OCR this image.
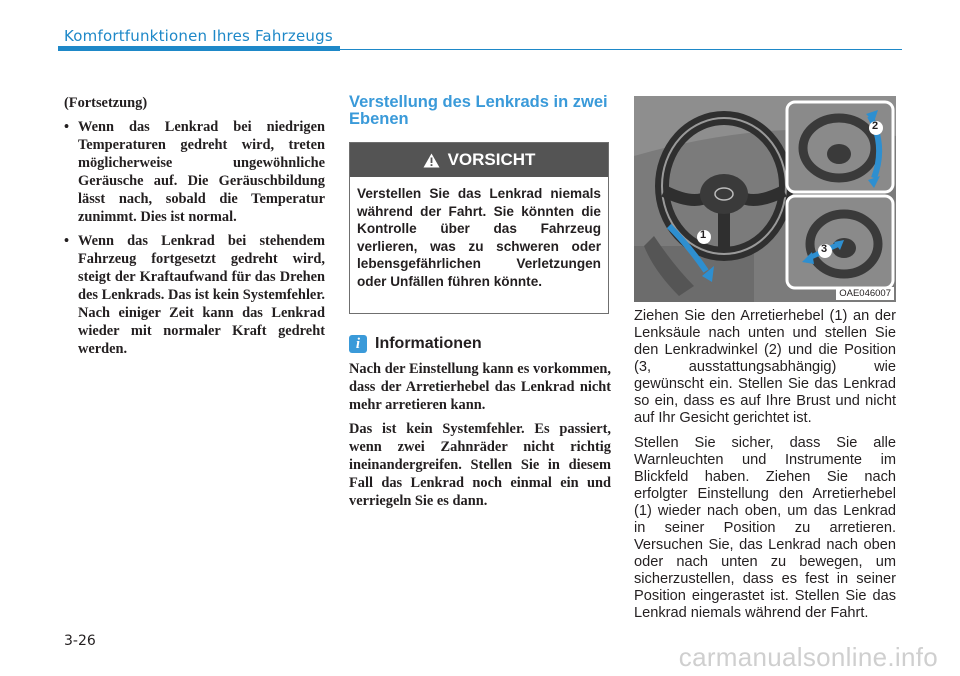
Komfortfunktionen Ihres Fahrzeugs

(Fortsetzung)

• Wenn das Lenkrad bei niedrigen Temperaturen gedreht wird, treten möglicherweise ungewöhnliche Geräusche auf. Die Geräuschbildung lässt nach, sobald die Temperatur zunimmt. Dies ist normal.
• Wenn das Lenkrad bei stehendem Fahrzeug fortgesetzt gedreht wird, steigt der Kraftaufwand für das Drehen des Lenkrads. Das ist kein Systemfehler. Nach einiger Zeit kann das Lenkrad wieder mit normaler Kraft gedreht werden.
Verstellung des Lenkrads in zwei Ebenen
VORSICHT
Verstellen Sie das Lenkrad niemals während der Fahrt. Sie könnten die Kontrolle über das Fahrzeug verlieren, was zu schweren oder lebensgefährlichen Verletzungen oder Unfällen führen könnte.
i Informationen

Nach der Einstellung kann es vorkommen, dass der Arretierhebel das Lenkrad nicht mehr arretieren kann.

Das ist kein Systemfehler. Es passiert, wenn zwei Zahnräder nicht richtig ineinandergreifen. Stellen Sie in diesem Fall das Lenkrad noch einmal ein und verriegeln Sie es dann.

2
3
1
OAE046007

Ziehen Sie den Arretierhebel (1) an der Lenksäule nach unten und stellen Sie den Lenkradwinkel (2) und die Position (3, ausstattungsabhängig) wie gewünscht ein. Stellen Sie das Lenkrad so ein, dass es auf Ihre Brust und nicht auf Ihr Gesicht gerichtet ist.

Stellen Sie sicher, dass Sie alle Warnleuchten und Instrumente im Blickfeld haben. Ziehen Sie nach erfolgter Einstellung den Arretierhebel (1) wieder nach oben, um das Lenkrad in seiner Position zu arretieren. Versuchen Sie, das Lenkrad nach oben oder nach unten zu bewegen, um sicherzustellen, dass es fest in seiner Position eingerastet ist. Stellen Sie das Lenkrad niemals während der Fahrt.

3-26
carmanualsonline.info
